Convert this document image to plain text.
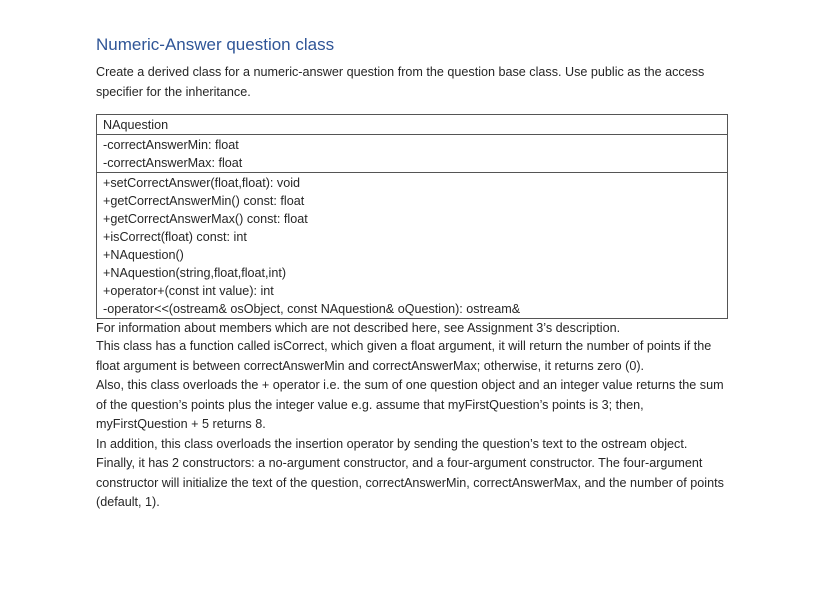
Numeric-Answer question class

Create a derived class for a numeric-answer question from the question base class. Use public as the access specifier for the inheritance.

NAquestion
-correctAnswerMin: float
-correctAnswerMax: float
+setCorrectAnswer(float,float): void
+getCorrectAnswerMin() const: float
+getCorrectAnswerMax() const: float
+isCorrect(float) const: int
+NAquestion()
+NAquestion(string,float,float,int)
+operator+(const int value): int
-operator<<(ostream& osObject, const NAquestion& oQuestion): ostream&

For information about members which are not described here, see Assignment 3’s description.

This class has a function called isCorrect, which given a float argument, it will return the number of points if the float argument is between correctAnswerMin and correctAnswerMax; otherwise, it returns zero (0).

Also, this class overloads the + operator i.e. the sum of one question object and an integer value returns the sum of the question’s points plus the integer value e.g. assume that myFirstQuestion’s points is 3; then, myFirstQuestion + 5 returns 8.

In addition, this class overloads the insertion operator by sending the question’s text to the ostream object.

Finally, it has 2 constructors: a no-argument constructor, and a four-argument constructor. The four-argument constructor will initialize the text of the question, correctAnswerMin, correctAnswerMax, and the number of points (default, 1).
